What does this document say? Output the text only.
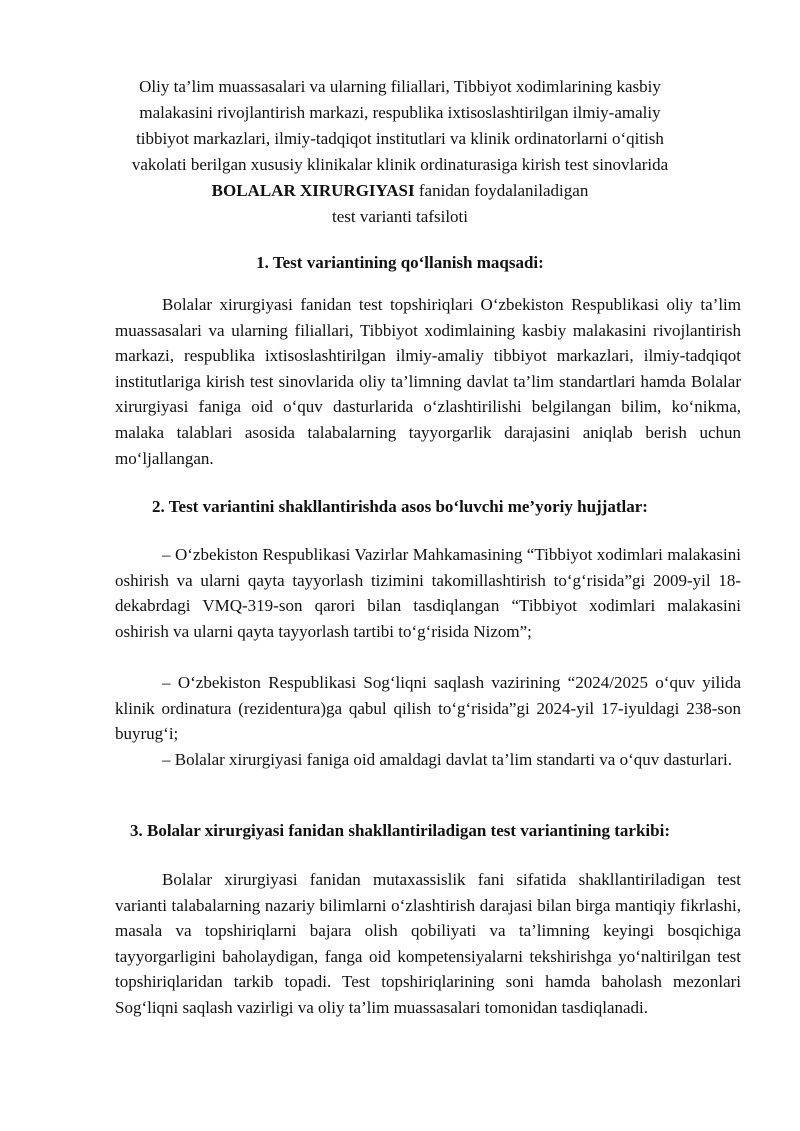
Oliy ta’lim muassasalari va ularning filiallari, Tibbiyot xodimlarining kasbiy
malakasini rivojlantirish markazi, respublika ixtisoslashtirilgan ilmiy-amaliy
tibbiyot markazlari, ilmiy-tadqiqot institutlari va klinik ordinatorlarni o‘qitish
vakolati berilgan xususiy klinikalar klinik ordinaturasiga kirish test sinovlarida
BOLALAR XIRURGIYASI fanidan foydalaniladigan
test varianti tafsiloti
1. Test variantining qo‘llanish maqsadi:

Bolalar xirurgiyasi fanidan test topshiriqlari O‘zbekiston Respublikasi oliy ta’lim muassasalari va ularning filiallari, Tibbiyot xodimlaining kasbiy malakasini rivojlantirish markazi, respublika ixtisoslashtirilgan ilmiy-amaliy tibbiyot markazlari, ilmiy-tadqiqot institutlariga kirish test sinovlarida oliy ta’limning davlat ta’lim standartlari hamda Bolalar xirurgiyasi faniga oid o‘quv dasturlarida o‘zlashtirilishi belgilangan bilim, ko‘nikma, malaka talablari asosida talabalarning tayyorgarlik darajasini aniqlab berish uchun mo‘ljallangan.

2. Test variantini shakllantirishda asos bo‘luvchi me’yoriy hujjatlar:

– O‘zbekiston Respublikasi Vazirlar Mahkamasining “Tibbiyot xodimlari malakasini oshirish va ularni qayta tayyorlash tizimini takomillashtirish to‘g‘risida”gi 2009-yil 18-dekabrdagi VMQ-319-son qarori bilan tasdiqlangan “Tibbiyot xodimlari malakasini oshirish va ularni qayta tayyorlash tartibi to‘g‘risida Nizom”;

– O‘zbekiston Respublikasi Sog‘liqni saqlash vazirining “2024/2025 o‘quv yilida klinik ordinatura (rezidentura)ga qabul qilish to‘g‘risida”gi 2024-yil 17-iyuldagi 238-son buyrug‘i;

– Bolalar xirurgiyasi faniga oid amaldagi davlat ta’lim standarti va o‘quv dasturlari.

3. Bolalar xirurgiyasi fanidan shakllantiriladigan test variantining tarkibi:

Bolalar xirurgiyasi fanidan mutaxassislik fani sifatida shakllantiriladigan test varianti talabalarning nazariy bilimlarni o‘zlashtirish darajasi bilan birga mantiqiy fikrlashi, masala va topshiriqlarni bajara olish qobiliyati va ta’limning keyingi bosqichiga tayyorgarligini baholaydigan, fanga oid kompetensiyalarni tekshirishga yo‘naltirilgan test topshiriqlaridan tarkib topadi. Test topshiriqlarining soni hamda baholash mezonlari Sog‘liqni saqlash vazirligi va oliy ta’lim muassasalari tomonidan tasdiqlanadi.
